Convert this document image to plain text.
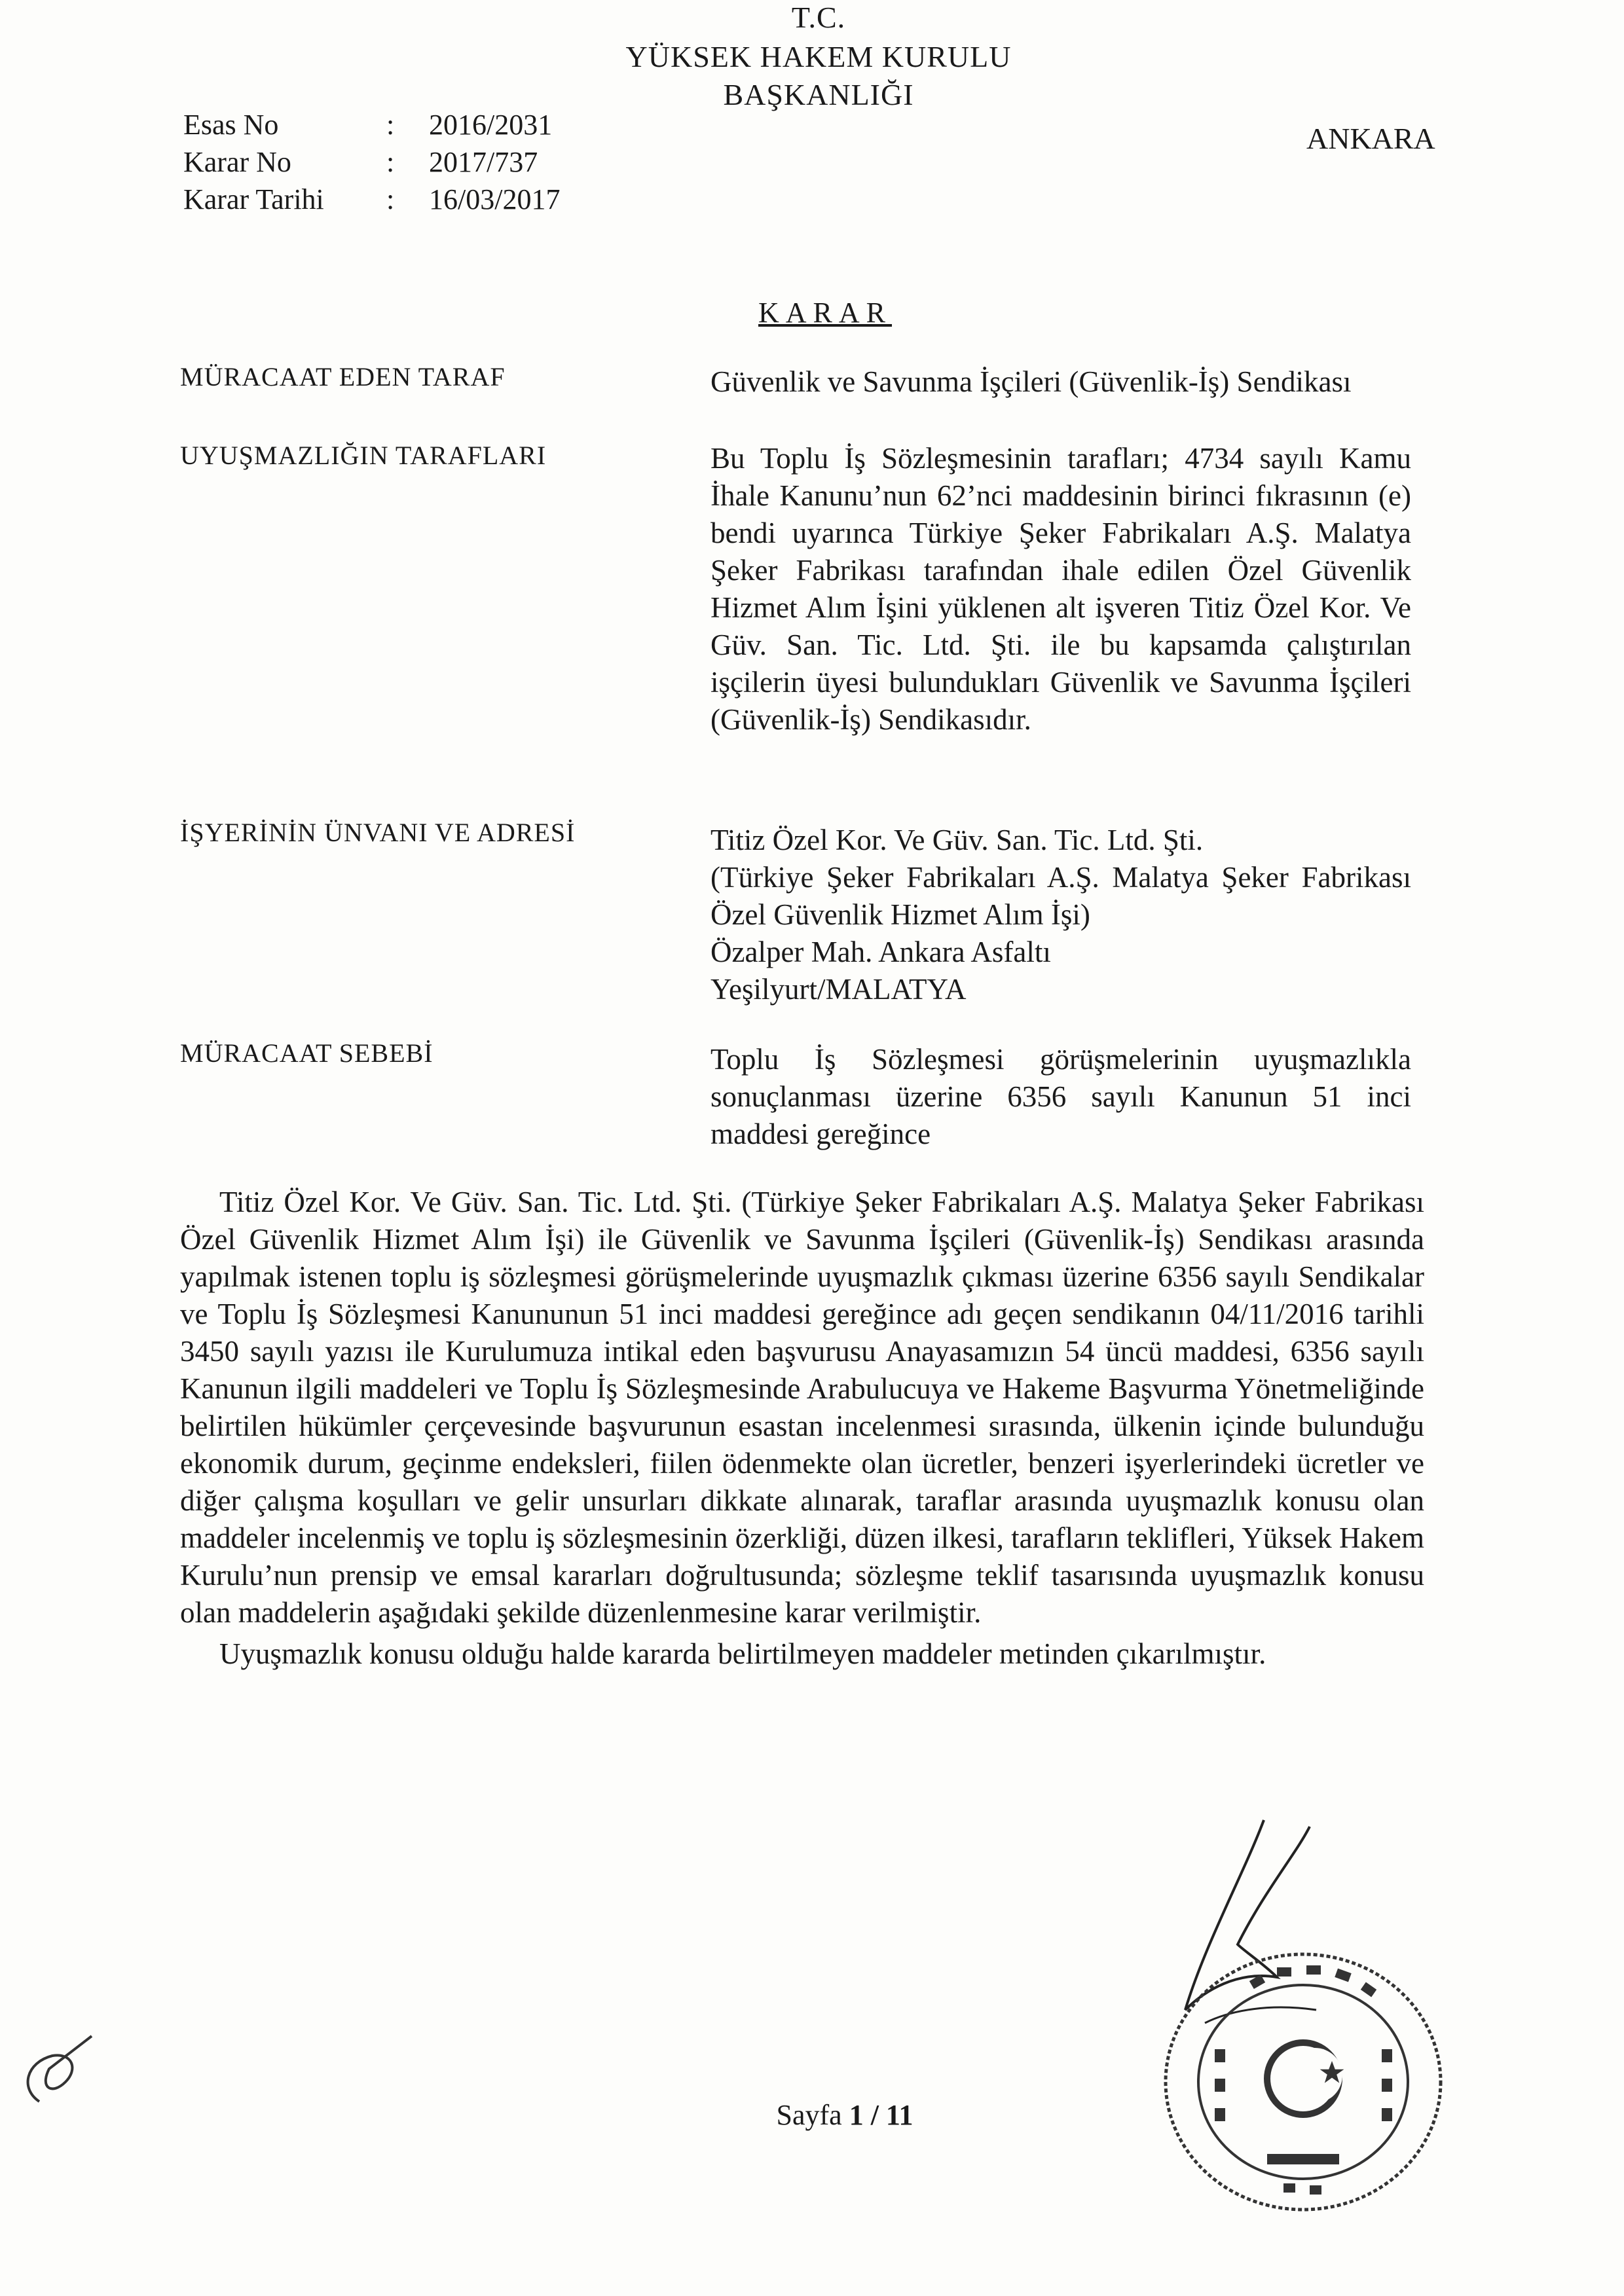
T.C.
YÜKSEK HAKEM KURULU
BAŞKANLIĞI
ANKARA
Esas No	: 2016/2031
Karar No	: 2017/737
Karar Tarihi : 16/03/2017
KARAR
MÜRACAAT EDEN TARAF	Güvenlik ve Savunma İşçileri (Güvenlik-İş) Sendikası

UYUŞMAZLIĞIN TARAFLARI	Bu Toplu İş Sözleşmesinin tarafları; 4734 sayılı Kamu İhale Kanunu’nun 62’nci maddesinin birinci fıkrasının (e) bendi uyarınca Türkiye Şeker Fabrikaları A.Ş. Malatya Şeker Fabrikası tarafından ihale edilen Özel Güvenlik Hizmet Alım İşini yüklenen alt işveren Titiz Özel Kor. Ve Güv. San. Tic. Ltd. Şti. ile bu kapsamda çalıştırılan işçilerin üyesi bulundukları Güvenlik ve Savunma İşçileri (Güvenlik-İş) Sendikasıdır.

İŞYERİNİN ÜNVANI VE ADRESİ	Titiz Özel Kor. Ve Güv. San. Tic. Ltd. Şti.

(Türkiye Şeker Fabrikaları A.Ş. Malatya Şeker Fabrikası Özel Güvenlik Hizmet Alım İşi)

Özalper Mah. Ankara Asfaltı

Yeşilyurt/MALATYA

MÜRACAAT SEBEBİ	Toplu İş Sözleşmesi görüşmelerinin uyuşmazlıkla sonuçlanması üzerine 6356 sayılı Kanunun 51 inci maddesi gereğince

Titiz Özel Kor. Ve Güv. San. Tic. Ltd. Şti. (Türkiye Şeker Fabrikaları A.Ş. Malatya Şeker Fabrikası Özel Güvenlik Hizmet Alım İşi) ile Güvenlik ve Savunma İşçileri (Güvenlik-İş) Sendikası arasında yapılmak istenen toplu iş sözleşmesi görüşmelerinde uyuşmazlık çıkması üzerine 6356 sayılı Sendikalar ve Toplu İş Sözleşmesi Kanununun 51 inci maddesi gereğince adı geçen sendikanın 04/11/2016 tarihli 3450 sayılı yazısı ile Kurulumuza intikal eden başvurusu Anayasamızın 54 üncü maddesi, 6356 sayılı Kanunun ilgili maddeleri ve Toplu İş Sözleşmesinde Arabulucuya ve Hakeme Başvurma Yönetmeliğinde belirtilen hükümler çerçevesinde başvurunun esastan incelenmesi sırasında, ülkenin içinde bulunduğu ekonomik durum, geçinme endeksleri, fiilen ödenmekte olan ücretler, benzeri işyerlerindeki ücretler ve diğer çalışma koşulları ve gelir unsurları dikkate alınarak, taraflar arasında uyuşmazlık konusu olan maddeler incelenmiş ve toplu iş sözleşmesinin özerkliği, düzen ilkesi, tarafların teklifleri, Yüksek Hakem Kurulu’nun prensip ve emsal kararları doğrultusunda; sözleşme teklif tasarısında uyuşmazlık konusu olan maddelerin aşağıdaki şekilde düzenlenmesine karar verilmiştir.

Uyuşmazlık konusu olduğu halde kararda belirtilmeyen maddeler metinden çıkarılmıştır.

Sayfa 1 / 11
